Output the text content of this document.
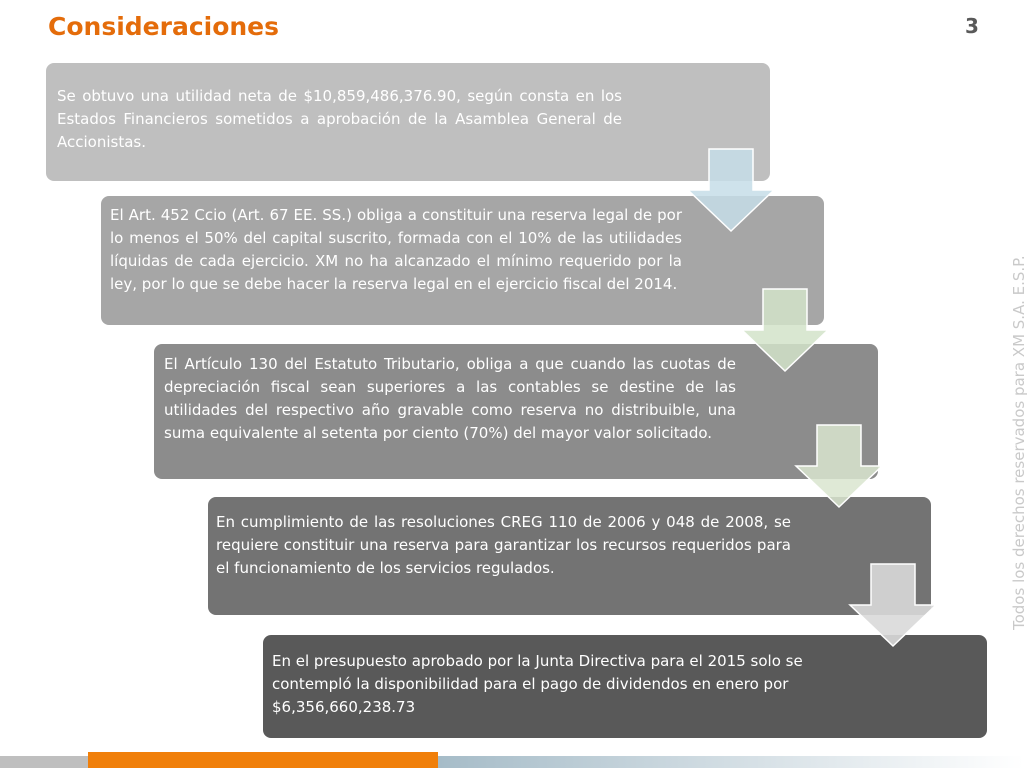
Consideraciones	3
Se obtuvo una utilidad neta de $10,859,486,376.90, según consta en los Estados Financieros sometidos a aprobación de la Asamblea General de Accionistas.
El Art. 452 Ccio (Art. 67 EE. SS.) obliga a constituir una reserva legal de por lo menos el 50% del capital suscrito, formada con el 10% de las utilidades líquidas de cada ejercicio. XM no ha alcanzado el mínimo requerido por la ley, por lo que se debe hacer la reserva legal en el ejercicio fiscal del 2014.
El Artículo 130 del Estatuto Tributario, obliga a que cuando las cuotas de depreciación fiscal sean superiores a las contables se destine de las utilidades del respectivo año gravable como reserva no distribuible, una suma equivalente al setenta por ciento (70%) del mayor valor solicitado.
En cumplimiento de las resoluciones CREG 110 de 2006 y 048 de 2008, se requiere constituir una reserva para garantizar los recursos requeridos para el funcionamiento de los servicios regulados.
En el presupuesto aprobado por la Junta Directiva para el 2015 solo se contempló la disponibilidad para el pago de dividendos en enero por $6,356,660,238.73
Todos los derechos reservados para XM S.A. E.S.P.
